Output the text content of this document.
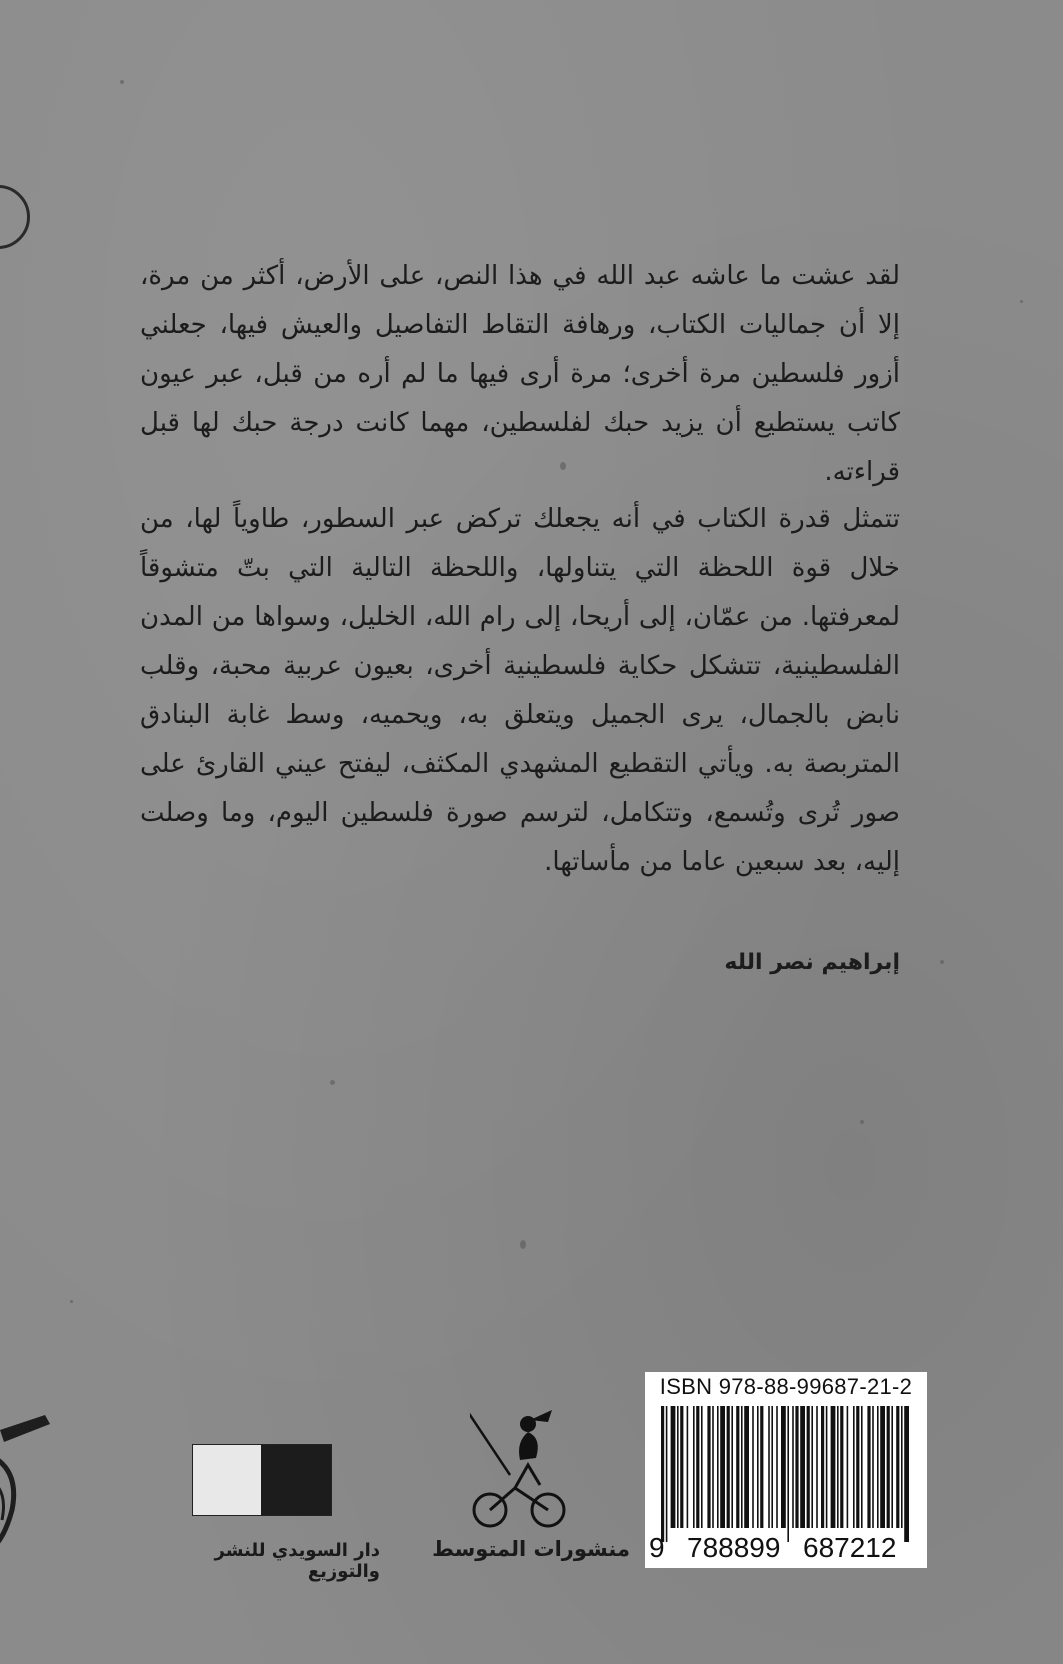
لقد عشت ما عاشه عبد الله في هذا النص، على الأرض، أكثر من مرة، إلا أن جماليات الكتاب، ورهافة التقاط التفاصيل والعيش فيها، جعلني أزور فلسطين مرة أخرى؛ مرة أرى فيها ما لم أره من قبل، عبر عيون كاتب يستطيع أن يزيد حبك لفلسطين، مهما كانت درجة حبك لها قبل قراءته.
تتمثل قدرة الكتاب في أنه يجعلك تركض عبر السطور، طاوياً لها، من خلال قوة اللحظة التي يتناولها، واللحظة التالية التي بتّ متشوقاً لمعرفتها. من عمّان، إلى أريحا، إلى رام الله، الخليل، وسواها من المدن الفلسطينية، تتشكل حكاية فلسطينية أخرى، بعيون عربية محبة، وقلب نابض بالجمال، يرى الجميل ويتعلق به، ويحميه، وسط غابة البنادق المتربصة به. ويأتي التقطيع المشهدي المكثف، ليفتح عيني القارئ على صور تُرى وتُسمع، وتتكامل، لترسم صورة فلسطين اليوم، وما وصلت إليه، بعد سبعين عاما من مأساتها.
إبراهيم نصر الله
منشورات المتوسط
دار السويدي للنشر والتوزيع
ISBN 978-88-99687-21-2
9 788899 687212
